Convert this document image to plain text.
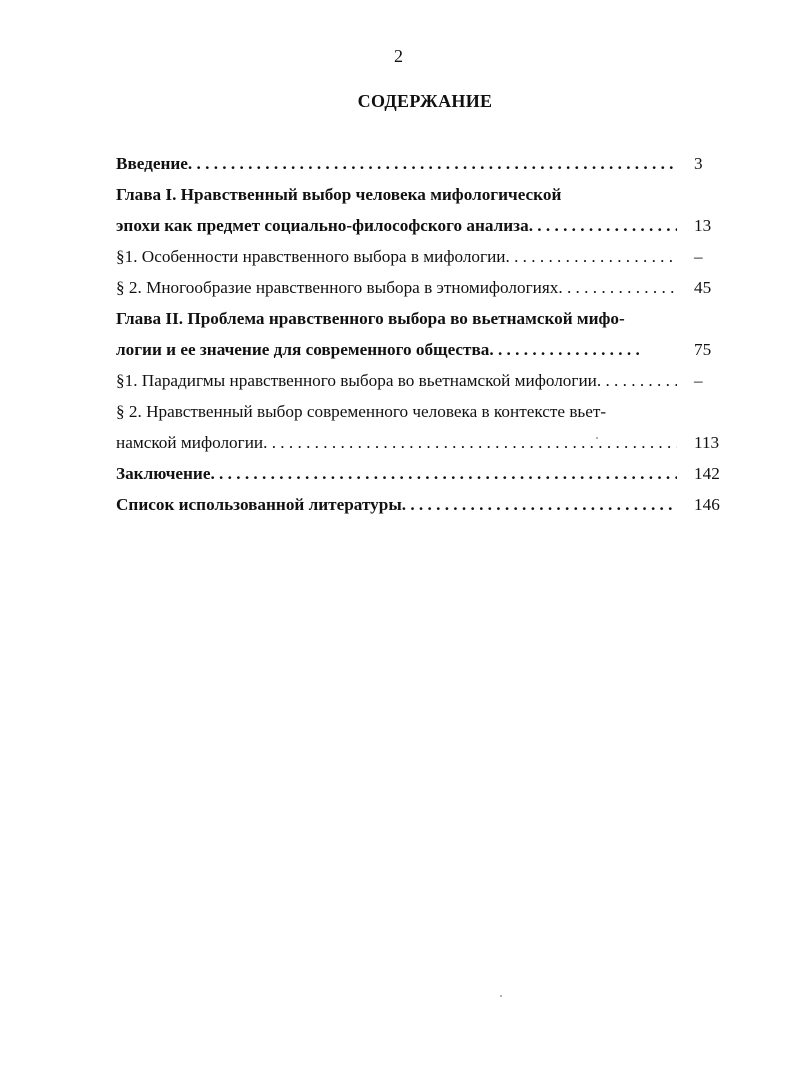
2
СОДЕРЖАНИЕ
Введение . . .	3
Глава I. Нравственный выбор человека мифологической
эпохи как предмет социально-философского анализа . . .	13
§1. Особенности нравственного выбора в мифологии . . .	–
§ 2. Многообразие нравственного выбора в этномифологиях . . .	45
Глава II. Проблема нравственного выбора во вьетнамской мифо-
логии и ее значение для современного общества . . .	75
§1. Парадигмы нравственного выбора во вьетнамской мифологии . . .	–
§ 2. Нравственный выбор современного человека в контексте вьет-
намской мифологии . . .	113
Заключение . . .	142
Список использованной литературы . . .	146
